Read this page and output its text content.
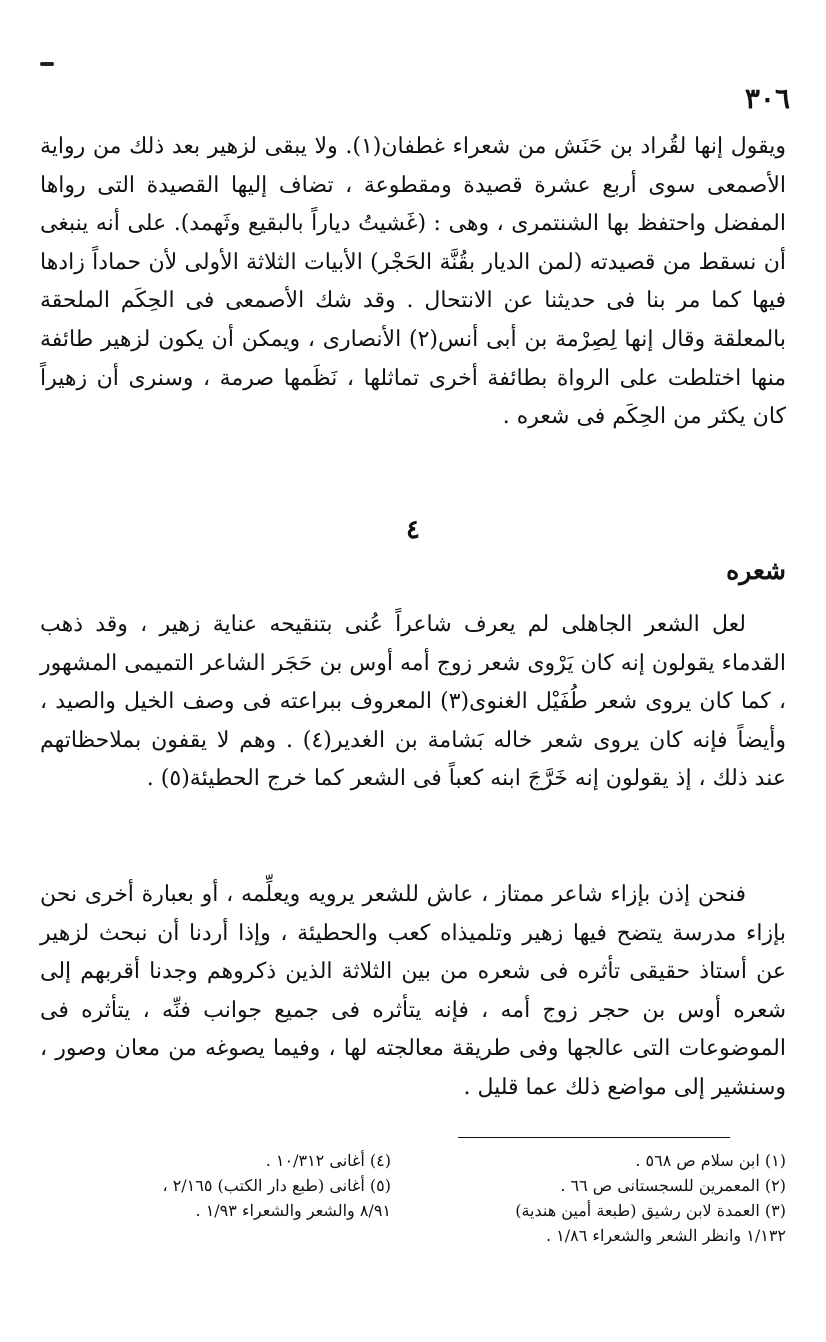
٣٠٦

ويقول إنها لقُراد بن حَنَش من شعراء غطفان(١). ولا يبقى لزهير بعد ذلك من رواية الأصمعى سوى أربع عشرة قصيدة ومقطوعة ، تضاف إليها القصيدة التى رواها المفضل واحتفظ بها الشنتمرى ، وهى : (غَشيتُ دياراً بالبقيع وثَهمد). على أنه ينبغى أن نسقط من قصيدته (لمن الديار بقُنَّة الحَجْر) الأبيات الثلاثة الأولى لأن حماداً زادها فيها كما مر بنا فى حديثنا عن الانتحال . وقد شك الأصمعى فى الحِكَم الملحقة بالمعلقة وقال إنها لِصِرْمة بن أبى أنس(٢) الأنصارى ، ويمكن أن يكون لزهير طائفة منها اختلطت على الرواة بطائفة أخرى تماثلها ، نَظَمها صرمة ، وسنرى أن زهيراً كان يكثر من الحِكَم فى شعره .

٤
شعره

لعل الشعر الجاهلى لم يعرف شاعراً عُنى بتنقيحه عناية زهير ، وقد ذهب القدماء يقولون إنه كان يَرْوى شعر زوج أمه أوس بن حَجَر الشاعر التميمى المشهور ، كما كان يروى شعر طُفَيْل الغنوى(٣) المعروف ببراعته فى وصف الخيل والصيد ، وأيضاً فإنه كان يروى شعر خاله بَشامة بن الغدير(٤) . وهم لا يقفون بملاحظاتهم عند ذلك ، إذ يقولون إنه خَرَّجَ ابنه كعباً فى الشعر كما خرج الحطيئة(٥) .

فنحن إذن بإزاء شاعر ممتاز ، عاش للشعر يرويه ويعلِّمه ، أو بعبارة أخرى نحن بإزاء مدرسة يتضح فيها زهير وتلميذاه كعب والحطيئة ، وإذا أردنا أن نبحث لزهير عن أستاذ حقيقى تأثره فى شعره من بين الثلاثة الذين ذكروهم وجدنا أقربهم إلى شعره أوس بن حجر زوج أمه ، فإنه يتأثره فى جميع جوانب فنِّه ، يتأثره فى الموضوعات التى عالجها وفى طريقة معالجته لها ، وفيما يصوغه من معان وصور ، وسنشير إلى مواضع ذلك عما قليل .

(١) ابن سلام ص ٥٦٨ .
(٢) المعمرين للسجستانى ص ٦٦ .
(٣) العمدة لابن رشيق (طبعة أمين هندية)
١/١٣٢ وانظر الشعر والشعراء ١/٨٦ .
(٤) أغانى ١٠/٣١٢ .
(٥) أغانى (طبع دار الكتب) ٢/١٦٥ ،
٨/٩١ والشعر والشعراء ١/٩٣ .
